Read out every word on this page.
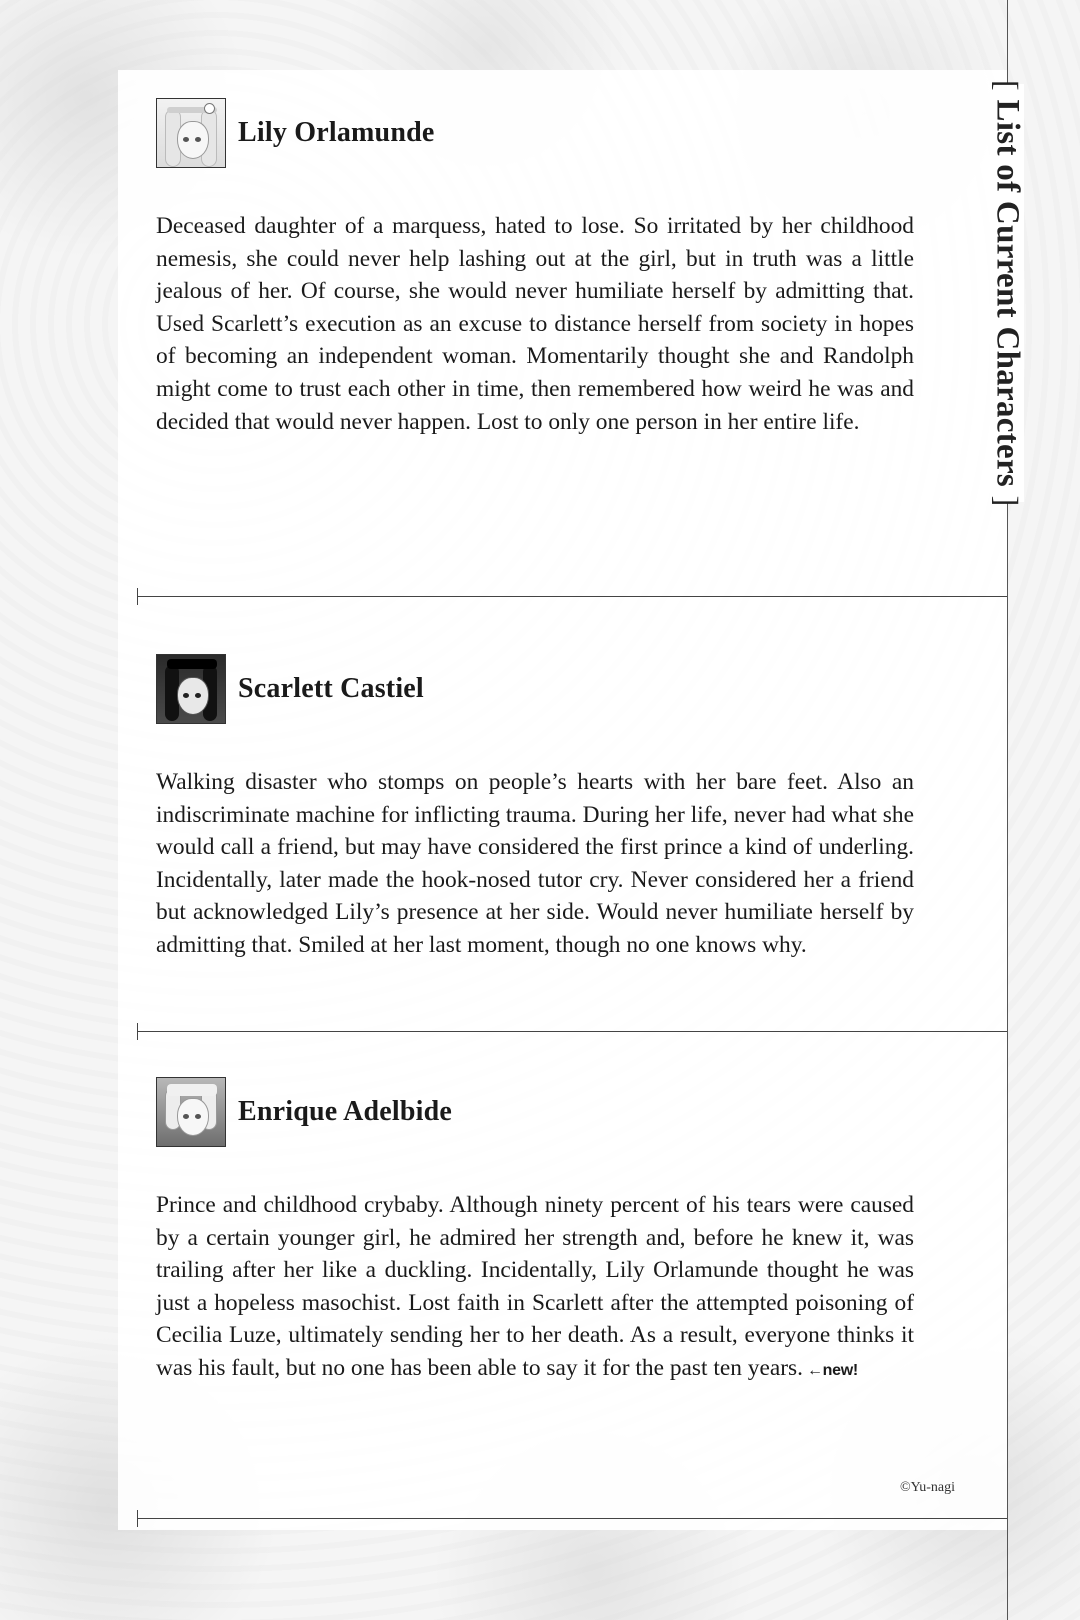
[ List of Current Characters ]
Lily Orlamunde

Deceased daughter of a marquess, hated to lose. So irritated by her childhood nemesis, she could never help lashing out at the girl, but in truth was a little jealous of her. Of course, she would never humiliate herself by admitting that. Used Scarlett’s execution as an excuse to distance herself from society in hopes of becoming an independent woman. Momentarily thought she and Randolph might come to trust each other in time, then remembered how weird he was and decided that would never happen. Lost to only one person in her entire life.

Scarlett Castiel

Walking disaster who stomps on people’s hearts with her bare feet. Also an indiscriminate machine for inflicting trauma. During her life, never had what she would call a friend, but may have considered the first prince a kind of underling. Incidentally, later made the hook-nosed tutor cry. Never considered her a friend but acknowledged Lily’s presence at her side. Would never humiliate herself by admitting that. Smiled at her last moment, though no one knows why.

Enrique Adelbide

Prince and childhood crybaby. Although ninety percent of his tears were caused by a certain younger girl, he admired her strength and, before he knew it, was trailing after her like a duckling. Incidentally, Lily Orlamunde thought he was just a hopeless masochist. Lost faith in Scarlett after the attempted poisoning of Cecilia Luze, ultimately sending her to her death. As a result, everyone thinks it was his fault, but no one has been able to say it for the past ten years. ←new!

©Yu-nagi
